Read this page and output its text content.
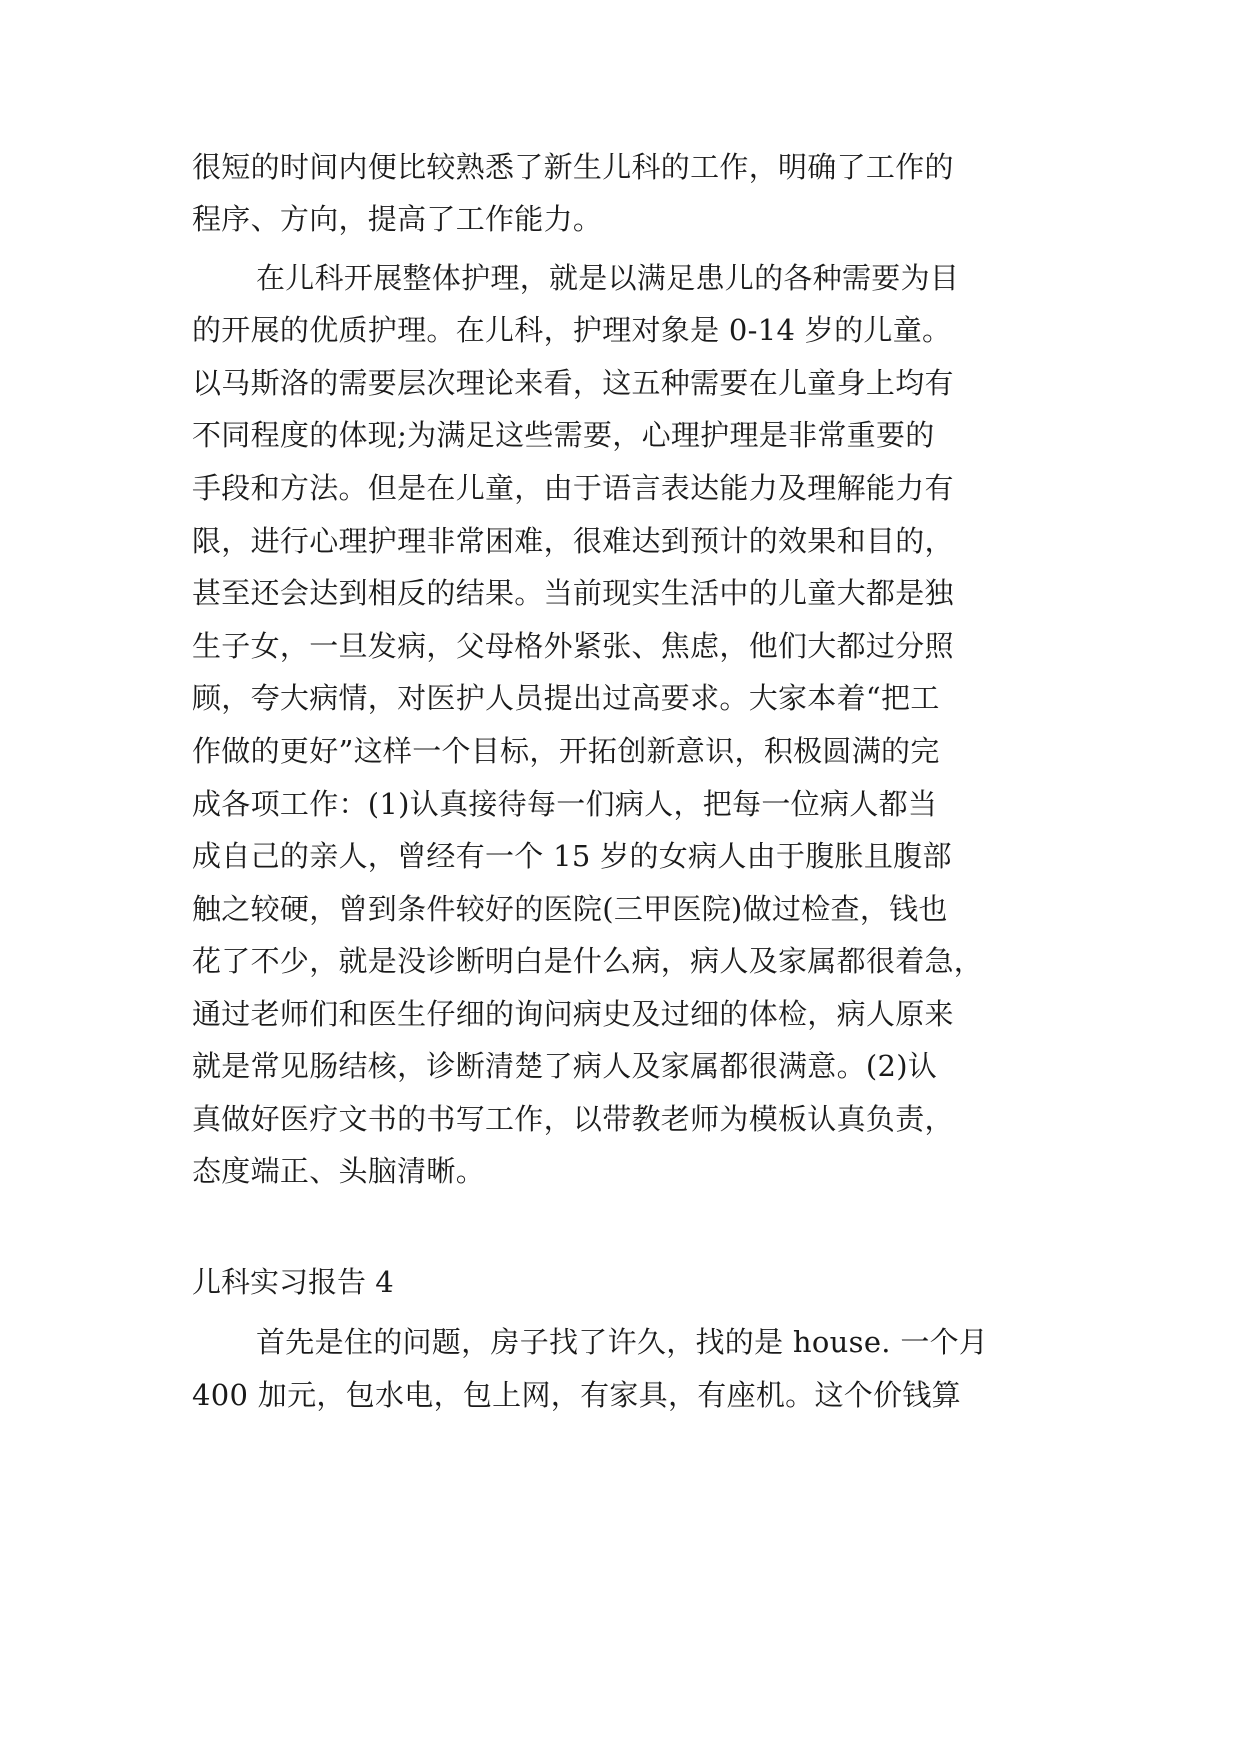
很短的时间内便比较熟悉了新生儿科的工作，明确了工作的
程序、方向，提高了工作能力。
在儿科开展整体护理，就是以满足患儿的各种需要为目
的开展的优质护理。在儿科，护理对象是 0-14 岁的儿童。
以马斯洛的需要层次理论来看，这五种需要在儿童身上均有
不同程度的体现;为满足这些需要，心理护理是非常重要的
手段和方法。但是在儿童，由于语言表达能力及理解能力有
限，进行心理护理非常困难，很难达到预计的效果和目的，
甚至还会达到相反的结果。当前现实生活中的儿童大都是独
生子女，一旦发病，父母格外紧张、焦虑，他们大都过分照
顾，夸大病情，对医护人员提出过高要求。大家本着“把工
作做的更好”这样一个目标，开拓创新意识，积极圆满的完
成各项工作：(1)认真接待每一们病人，把每一位病人都当
成自己的亲人，曾经有一个 15 岁的女病人由于腹胀且腹部
触之较硬，曾到条件较好的医院(三甲医院)做过检查，钱也
花了不少，就是没诊断明白是什么病，病人及家属都很着急，
通过老师们和医生仔细的询问病史及过细的体检，病人原来
就是常见肠结核，诊断清楚了病人及家属都很满意。(2)认
真做好医疗文书的书写工作，以带教老师为模板认真负责，
态度端正、头脑清晰。
儿科实习报告 4
首先是住的问题，房子找了许久，找的是 house. 一个月
400 加元，包水电，包上网，有家具，有座机。这个价钱算
